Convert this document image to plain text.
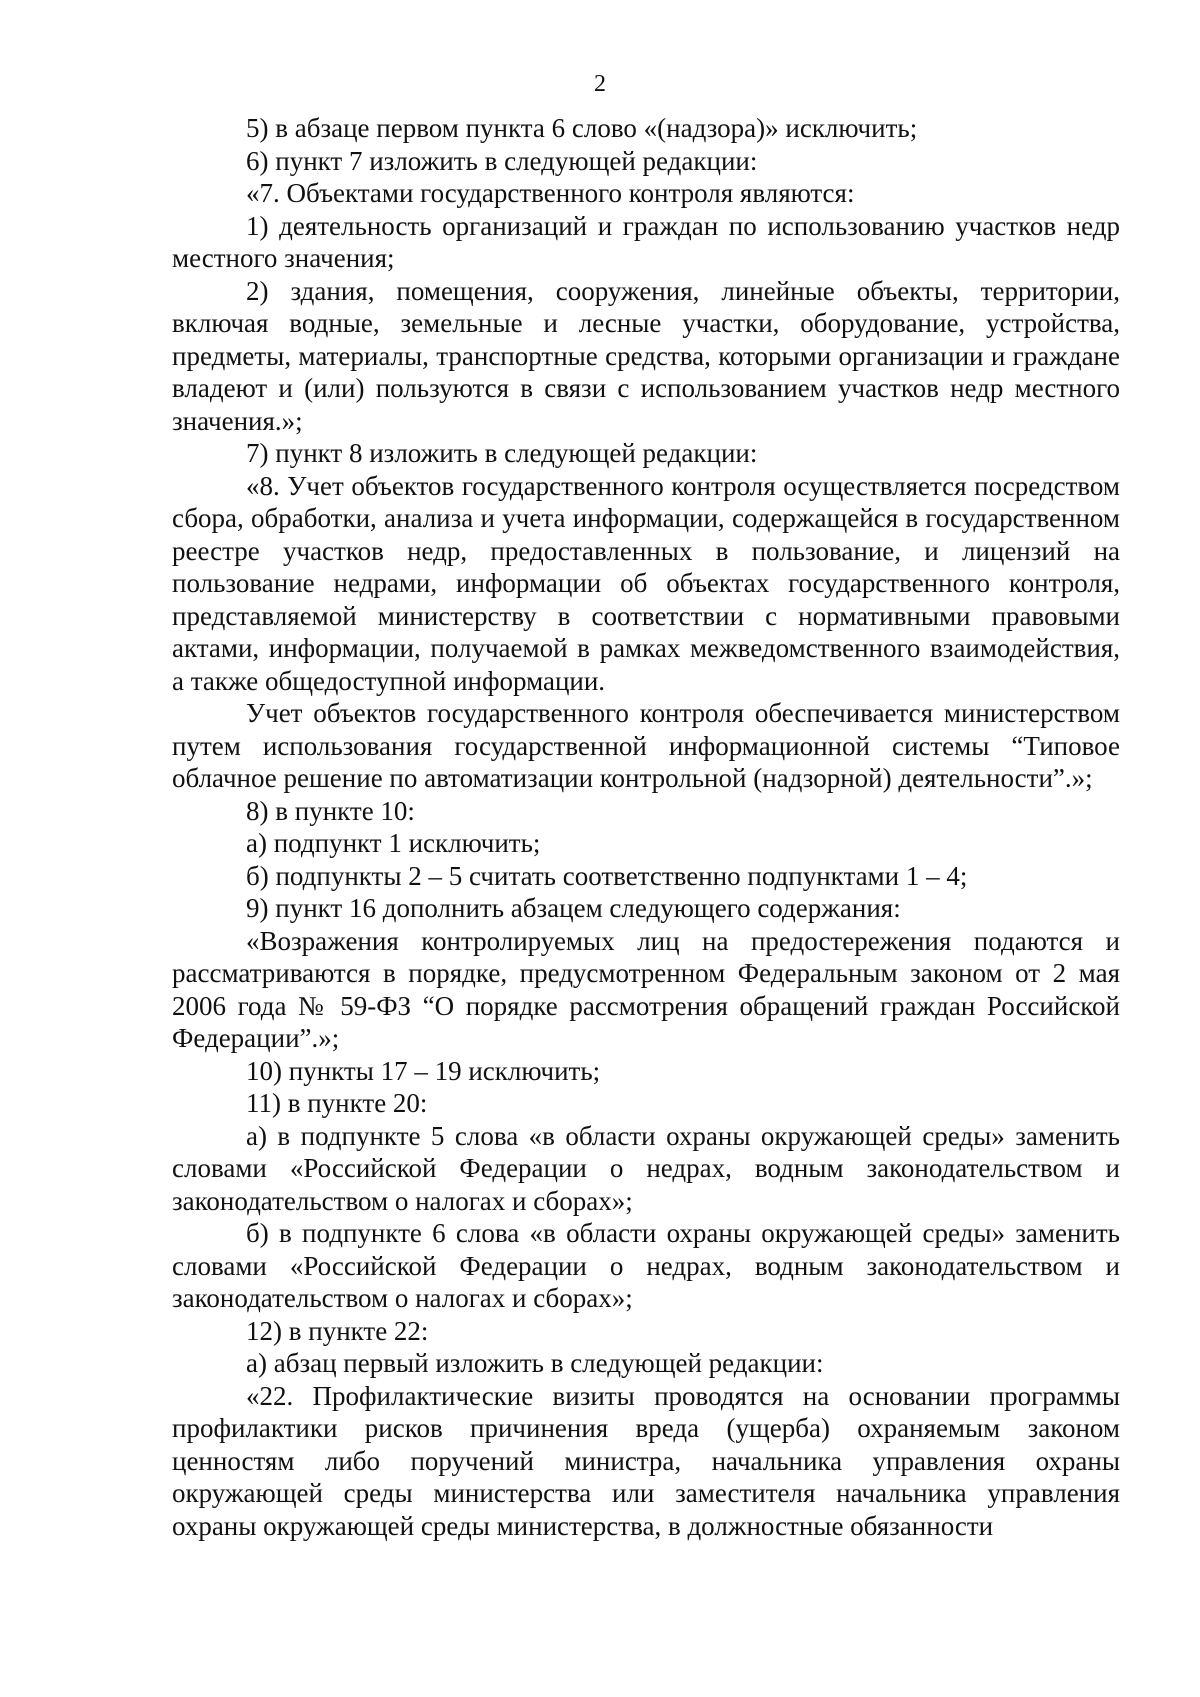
2

5) в абзаце первом пункта 6 слово «(надзора)» исключить;

6) пункт 7 изложить в следующей редакции:

«7. Объектами государственного контроля являются:

1) деятельность организаций и граждан по использованию участков недр местного значения;

2) здания, помещения, сооружения, линейные объекты, территории, включая водные, земельные и лесные участки, оборудование, устройства, предметы, материалы, транспортные средства, которыми организации и граждане владеют и (или) пользуются в связи с использованием участков недр местного значения.»;

7) пункт 8 изложить в следующей редакции:

«8. Учет объектов государственного контроля осуществляется посредством сбора, обработки, анализа и учета информации, содержащейся в государственном реестре участков недр, предоставленных в пользование, и лицензий на пользование недрами, информации об объектах государственного контроля, представляемой министерству в соответствии с нормативными правовыми актами, информации, получаемой в рамках межведомственного взаимодействия, а также общедоступной информации.

Учет объектов государственного контроля обеспечивается министерством путем использования государственной информационной системы “Типовое облачное решение по автоматизации контрольной (надзорной) деятельности”.»;

8) в пункте 10:

а) подпункт 1 исключить;

б) подпункты 2 – 5 считать соответственно подпунктами 1 – 4;

9) пункт 16 дополнить абзацем следующего содержания:

«Возражения контролируемых лиц на предостережения подаются и рассматриваются в порядке, предусмотренном Федеральным законом от 2 мая 2006 года № 59-ФЗ “О порядке рассмотрения обращений граждан Российской Федерации”.»;

10) пункты 17 – 19 исключить;

11) в пункте 20:

а) в подпункте 5 слова «в области охраны окружающей среды» заменить словами «Российской Федерации о недрах, водным законодательством и законодательством о налогах и сборах»;

б) в подпункте 6 слова «в области охраны окружающей среды» заменить словами «Российской Федерации о недрах, водным законодательством и законодательством о налогах и сборах»;

12) в пункте 22:

а) абзац первый изложить в следующей редакции:

«22. Профилактические визиты проводятся на основании программы профилактики рисков причинения вреда (ущерба) охраняемым законом ценностям либо поручений министра, начальника управления охраны окружающей среды министерства или заместителя начальника управления охраны окружающей среды министерства, в должностные обязанности
